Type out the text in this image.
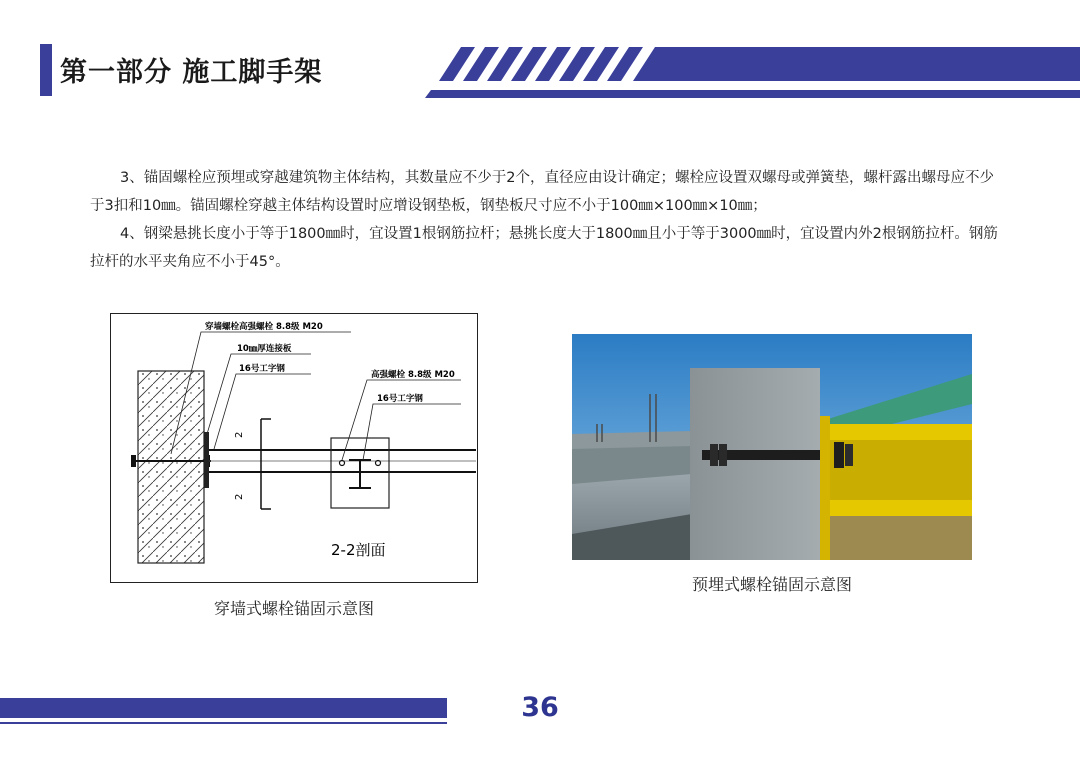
第一部分 施工脚手架

3、锚固螺栓应预埋或穿越建筑物主体结构，其数量应不少于2个，直径应由设计确定；螺栓应设置双螺母或弹簧垫，螺杆露出螺母应不少于3扣和10㎜。锚固螺栓穿越主体结构设置时应增设钢垫板，钢垫板尺寸应不小于100㎜×100㎜×10㎜；

4、钢梁悬挑长度小于等于1800㎜时，宜设置1根钢筋拉杆；悬挑长度大于1800㎜且小于等于3000㎜时，宜设置内外2根钢筋拉杆。钢筋拉杆的水平夹角应不小于45°。

2
2
穿墙螺栓高强螺栓 8.8级 M20
10㎜厚连接板
16号工字钢
高强螺栓 8.8级 M20
16号工字钢
2-2剖面
穿墙式螺栓锚固示意图
预埋式螺栓锚固示意图
36
